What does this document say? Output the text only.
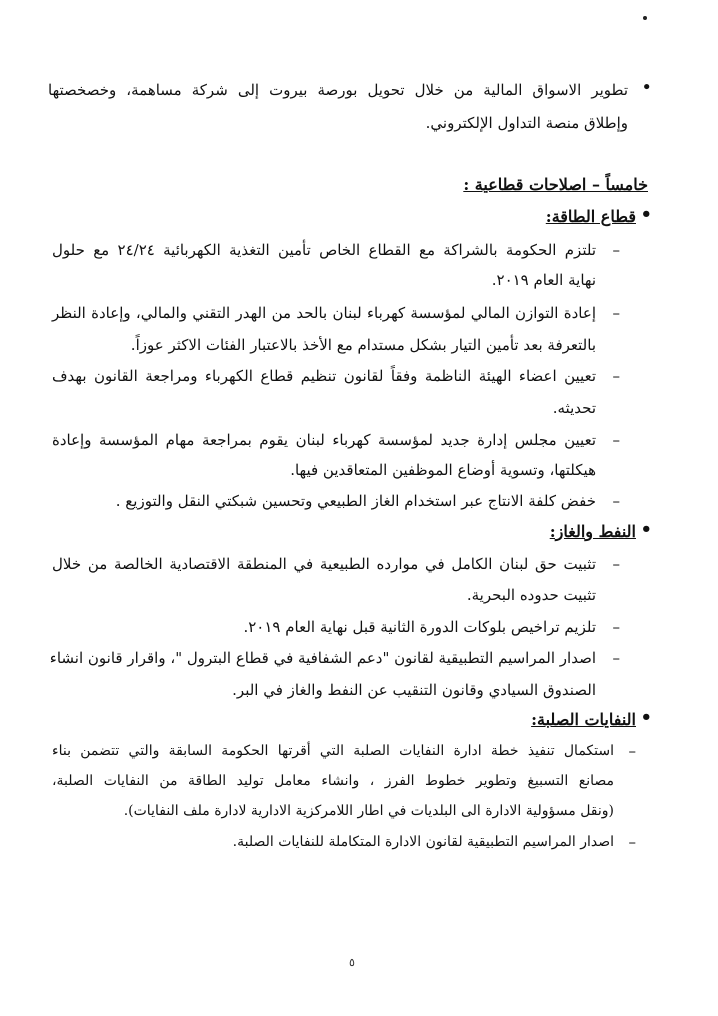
•
تطوير الاسواق المالية من خلال تحويل بورصة بيروت إلى شركة مساهمة، وخصخصتها
وإطلاق منصة التداول الإلكتروني.
خامساً – اصلاحات قطاعية :
•
قطاع الطاقة:
–
تلتزم الحكومة بالشراكة مع القطاع الخاص تأمين التغذية الكهربائية ٢٤/٢٤ مع حلول
نهاية العام ٢٠١٩.
–
إعادة التوازن المالي لمؤسسة كهرباء لبنان بالحد من الهدر التقني والمالي، وإعادة النظر
بالتعرفة بعد تأمين التيار بشكل مستدام مع الأخذ بالاعتبار الفئات الاكثر عوزاً.
–
تعيين اعضاء الهيئة الناظمة وفقاً لقانون تنظيم قطاع الكهرباء ومراجعة القانون بهدف
تحديثه.
–
تعيين مجلس إدارة جديد لمؤسسة كهرباء لبنان يقوم بمراجعة مهام المؤسسة وإعادة
هيكلتها، وتسوية أوضاع الموظفين المتعاقدين فيها.
–
خفض كلفة الانتاج عبر استخدام الغاز الطبيعي وتحسين شبكتي النقل والتوزيع .
•
النفط والغاز:
–
تثبيت حق لبنان الكامل في موارده الطبيعية في المنطقة الاقتصادية الخالصة من خلال
تثبيت حدوده البحرية.
–
تلزيم تراخيص بلوكات الدورة الثانية قبل نهاية العام ٢٠١٩.
–
اصدار المراسيم التطبيقية لقانون "دعم الشفافية في قطاع البترول "، واقرار قانون انشاء
الصندوق السيادي وقانون التنقيب عن النفط والغاز في البر.
•
النفايات الصلبة:
–
استكمال تنفيذ خطة ادارة النفايات الصلبة التي أقرتها الحكومة السابقة والتي تتضمن بناء
مصانع التسبيغ وتطوير خطوط الفرز ، وانشاء معامل توليد الطاقة من النفايات الصلبة،
(ونقل مسؤولية الادارة الى البلديات في اطار اللامركزية الادارية لادارة ملف النفايات).
–
اصدار المراسيم التطبيقية لقانون الادارة المتكاملة للنفايات الصلبة.
٥
